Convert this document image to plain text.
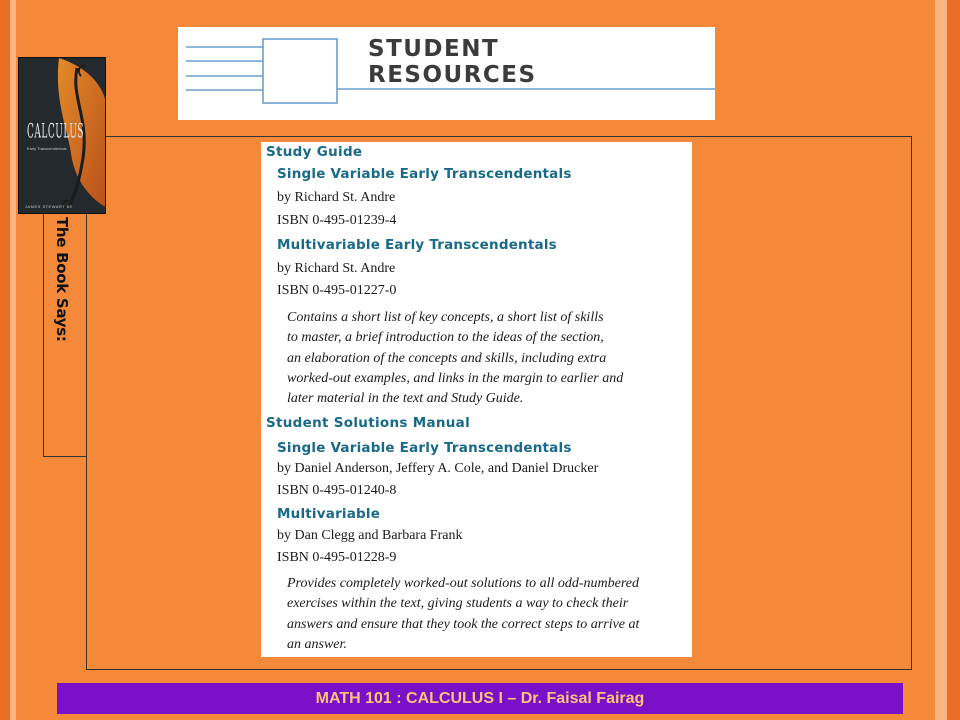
STUDENT
RESOURCES
The Book Says:
CALCULUS
Early Transcendentals
JAMES STEWART 6E
Study Guide
Single Variable Early Transcendentals
by Richard St. Andre
ISBN 0-495-01239-4
Multivariable Early Transcendentals
by Richard St. Andre
ISBN 0-495-01227-0
Contains a short list of key concepts, a short list of skills
to master, a brief introduction to the ideas of the section,
an elaboration of the concepts and skills, including extra
worked-out examples, and links in the margin to earlier and
later material in the text and Study Guide.
Student Solutions Manual
Single Variable Early Transcendentals
by Daniel Anderson, Jeffery A. Cole, and Daniel Drucker
ISBN 0-495-01240-8
Multivariable
by Dan Clegg and Barbara Frank
ISBN 0-495-01228-9
Provides completely worked-out solutions to all odd-numbered
exercises within the text, giving students a way to check their
answers and ensure that they took the correct steps to arrive at
an answer.
MATH 101 : CALCULUS I – Dr. Faisal Fairag
